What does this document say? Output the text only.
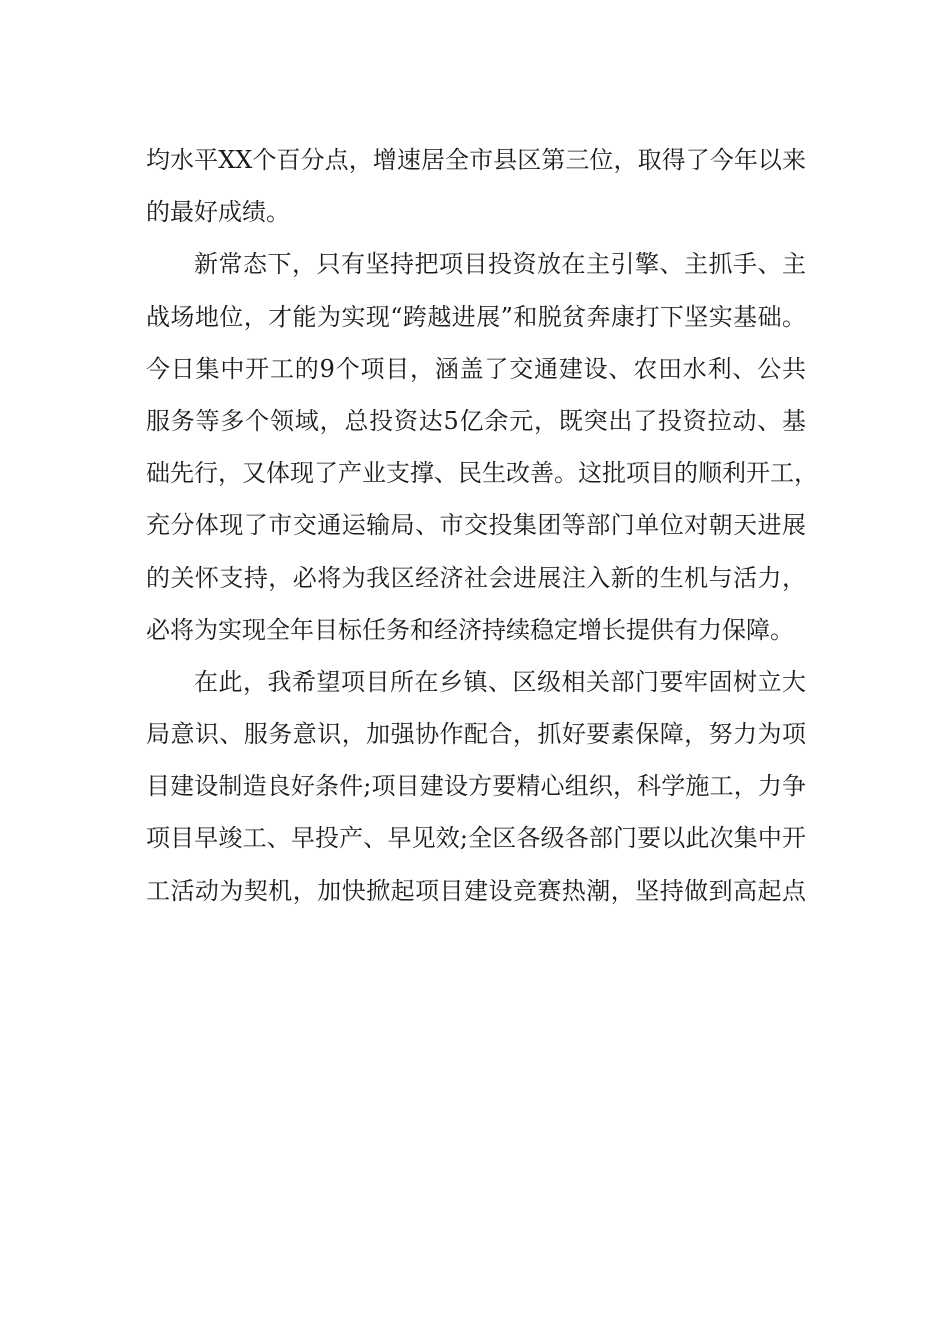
均水平XX个百分点，增速居全市县区第三位，取得了今年以来
的最好成绩。
新常态下，只有坚持把项目投资放在主引擎、主抓手、主
战场地位，才能为实现“跨越进展”和脱贫奔康打下坚实基础。
今日集中开工的9个项目，涵盖了交通建设、农田水利、公共
服务等多个领域，总投资达5亿余元，既突出了投资拉动、基
础先行，又体现了产业支撑、民生改善。这批项目的顺利开工，
充分体现了市交通运输局、市交投集团等部门单位对朝天进展
的关怀支持，必将为我区经济社会进展注入新的生机与活力，
必将为实现全年目标任务和经济持续稳定增长提供有力保障。
在此，我希望项目所在乡镇、区级相关部门要牢固树立大
局意识、服务意识，加强协作配合，抓好要素保障，努力为项
目建设制造良好条件;项目建设方要精心组织，科学施工，力争
项目早竣工、早投产、早见效;全区各级各部门要以此次集中开
工活动为契机，加快掀起项目建设竞赛热潮，坚持做到高起点
